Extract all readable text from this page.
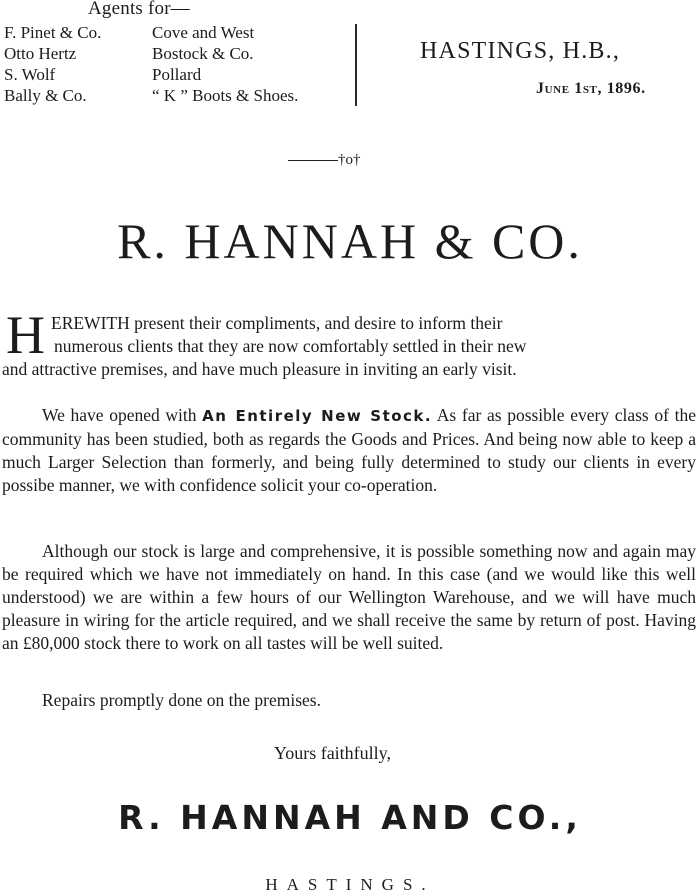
Agents for—
F. Pinet & Co.
Otto Hertz
S. Wolf
Bally & Co.
Cove and West
Bostock & Co.
Pollard
“ K ” Boots & Shoes.
HASTINGS, H.B.,
June 1st, 1896.
†o†
R. HANNAH & CO.
H EREWITH present their compliments, and desire to inform their
numerous clients that they are now comfortably settled in their new
and attractive premises, and have much pleasure in inviting an early visit.
We have opened with An Entirely New Stock. As far as possible every class of the community has been studied, both as regards the Goods and Prices. And being now able to keep a much Larger Selection than formerly, and being fully determined to study our clients in every possibe manner, we with confidence solicit your co-operation.
Although our stock is large and comprehensive, it is possible something now and again may be required which we have not immediately on hand. In this case (and we would like this well understood) we are within a few hours of our Wellington Warehouse, and we will have much pleasure in wiring for the article required, and we shall receive the same by return of post. Having an £80,000 stock there to work on all tastes will be well suited.
Repairs promptly done on the premises.
Yours faithfully,
R. HANNAH AND CO.,
HASTINGS.
